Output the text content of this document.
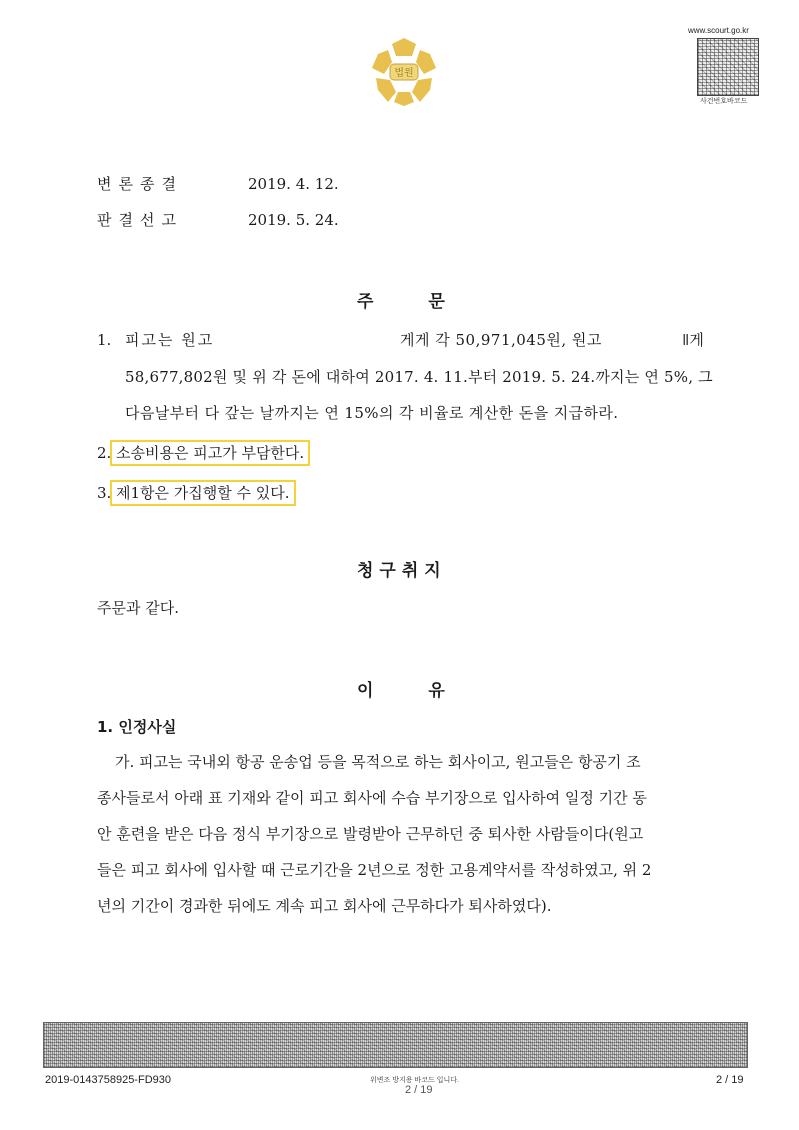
법원
www.scourt.go.kr
사건번호바코드
변론종결	2019. 4. 12.
판결선고	2019. 5. 24.
주문
1. 피고는 원고	게게 각 50,971,045원, 원고	ǁ게
58,677,802원 및 위 각 돈에 대하여 2017. 4. 11.부터 2019. 5. 24.까지는 연 5%, 그
다음날부터 다 갚는 날까지는 연 15%의 각 비율로 계산한 돈을 지급하라.
2. 소송비용은 피고가 부담한다.
3. 제1항은 가집행할 수 있다.
청구취지
주문과 같다.
이유
1. 인정사실
가. 피고는 국내외 항공 운송업 등을 목적으로 하는 회사이고, 원고들은 항공기 조
종사들로서 아래 표 기재와 같이 피고 회사에 수습 부기장으로 입사하여 일정 기간 동
안 훈련을 받은 다음 정식 부기장으로 발령받아 근무하던 중 퇴사한 사람들이다(원고
들은 피고 회사에 입사할 때 근로기간을 2년으로 정한 고용계약서를 작성하였고, 위 2
년의 기간이 경과한 뒤에도 계속 피고 회사에 근무하다가 퇴사하였다).
2019-0143758925-FD930	위변조 방지용 바코드 입니다.
2 / 19
2 / 19
